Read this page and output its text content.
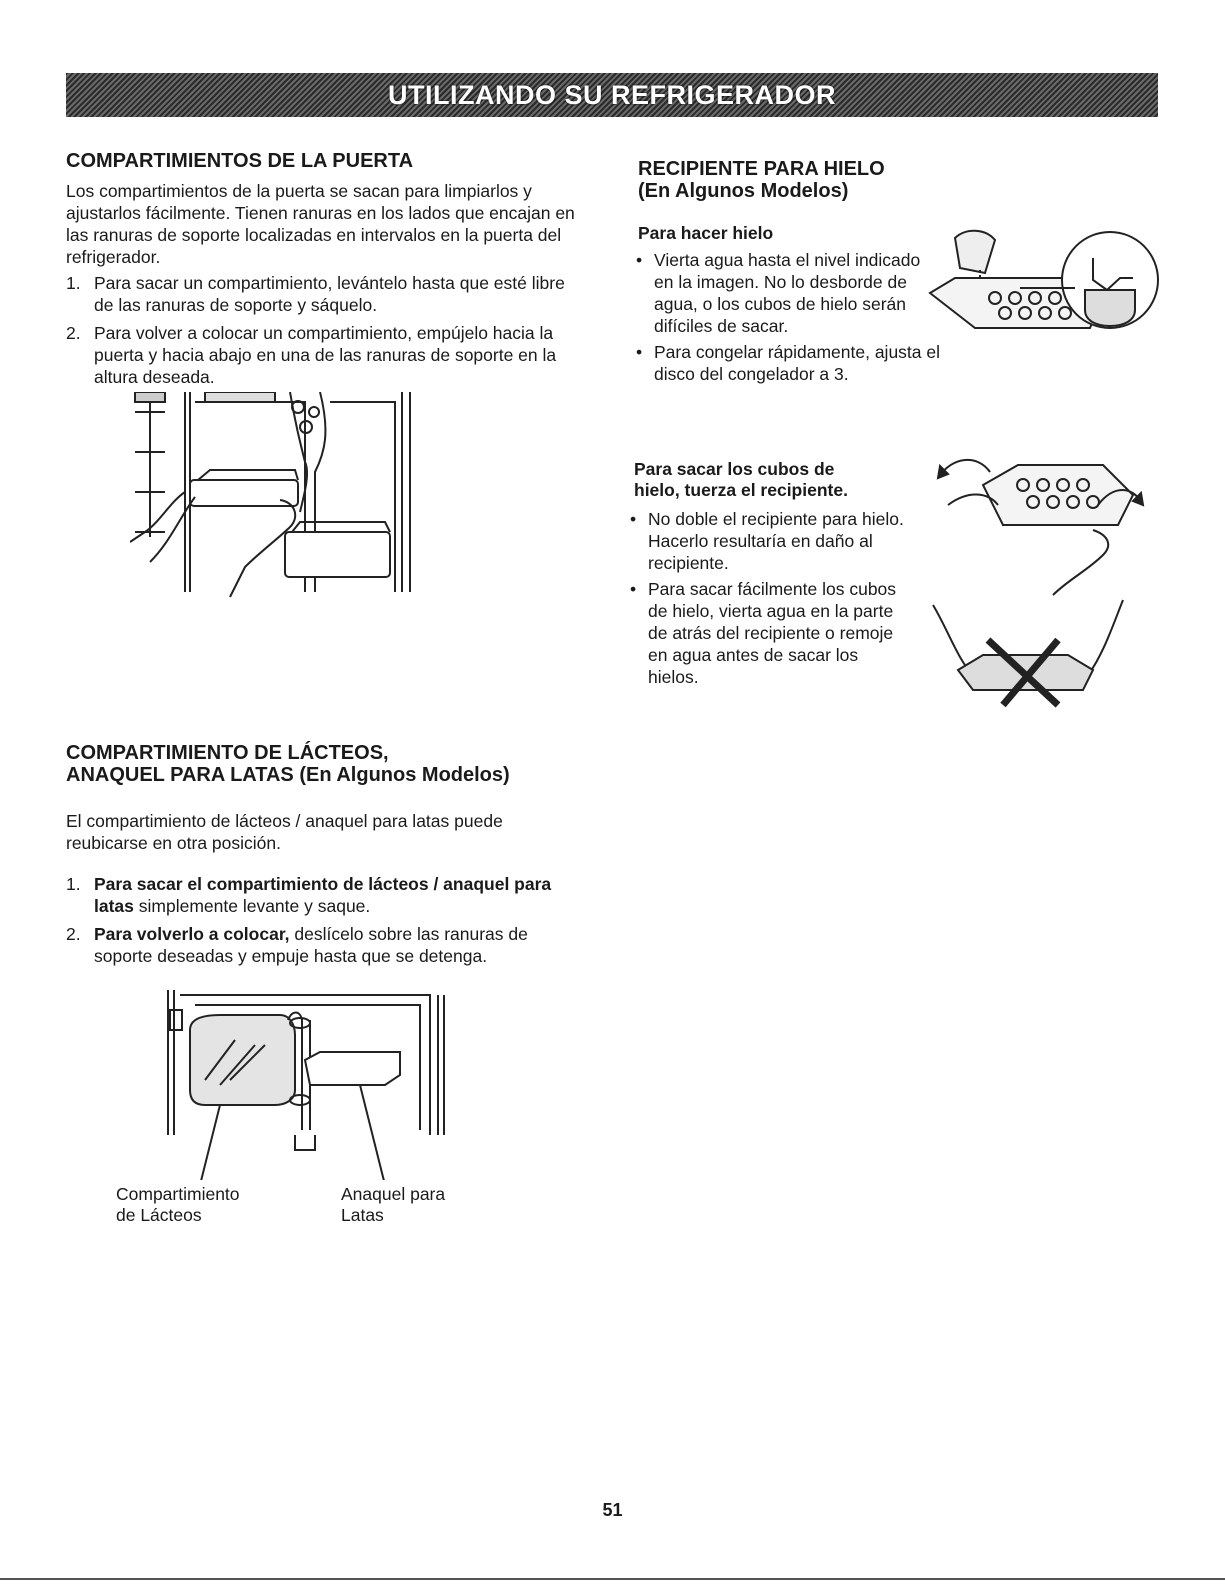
UTILIZANDO SU REFRIGERADOR
COMPARTIMIENTOS DE LA PUERTA

Los compartimientos de la puerta se sacan para limpiarlos y ajustarlos fácilmente. Tienen ranuras en los lados que encajan en las ranuras de soporte localizadas en intervalos en la puerta del refrigerador.

1. Para sacar un compartimiento, levántelo hasta que esté libre de las ranuras de soporte y sáquelo.
2. Para volver a colocar un compartimiento, empújelo hacia la puerta y hacia abajo en una de las ranuras de soporte en la altura deseada.
RECIPIENTE PARA HIELO
(En Algunos Modelos)

Para hacer hielo

• Vierta agua hasta el nivel indicado en la imagen. No lo desborde de agua, o los cubos de hielo serán difíciles de sacar.
• Para congelar rápidamente, ajusta el disco del congelador a 3.

Para sacar los cubos de hielo, tuerza el recipiente.

• No doble el recipiente para hielo. Hacerlo resultaría en daño al recipiente.
• Para sacar fácilmente los cubos de hielo, vierta agua en la parte de atrás del recipiente o remoje en agua antes de sacar los hielos.
COMPARTIMIENTO DE LÁCTEOS,
ANAQUEL PARA LATAS (En Algunos Modelos)

El compartimiento de lácteos / anaquel para latas puede reubicarse en otra posición.

1. Para sacar el compartimiento de lácteos / anaquel para latas simplemente levante y saque.
2. Para volverlo a colocar, deslícelo sobre las ranuras de soporte deseadas y empuje hasta que se detenga.

Compartimiento
de Lácteos

Anaquel para
Latas

51
